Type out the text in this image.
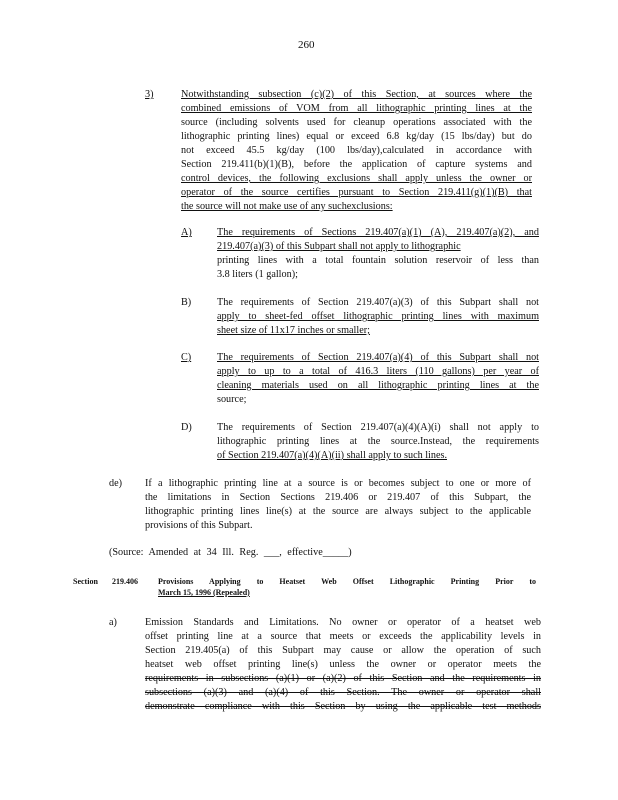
260
3)	Notwithstanding subsection (c)(2) of this Section, at sources where the
combined emissions of VOM from all lithographic printing lines at the
source (including solvents used for cleanup operations associated with the
lithographic printing lines) equal or exceed 6.8 kg/day (15 lbs/day) but do
not exceed 45.5 kg/day (100 lbs/day),calculated in accordance with
Section 219.411(b)(1)(B), before the application of capture systems and
control devices, the following exclusions shall apply unless the owner or
operator of the source certifies pursuant to Section 219.411(g)(1)(B) that
the source will not make use of any suchexclusions:
A) The requirements of Sections 219.407(a)(1) (A), 219.407(a)(2), and
219.407(a)(3) of this Subpart shall not apply to lithographic
printing lines with a total fountain solution reservoir of less than
3.8 liters (1 gallon);
B)	The requirements of Section 219.407(a)(3) of this Subpart shall not
apply to sheet-fed offset lithographic printing lines with maximum
sheet size of 11x17 inches or smaller;
C)	The requirements of Section 219.407(a)(4) of this Subpart shall not
apply to up to a total of 416.3 liters (110 gallons) per year of
cleaning materials used on all lithographic printing lines at the
source;
D) The requirements of Section 219.407(a)(4)(A)(i) shall not apply to
lithographic printing lines at the source.Instead, the requirements
of Section 219.407(a)(4)(A)(ii) shall apply to such lines.
de) If a lithographic printing line at a source is or becomes subject to one or more of
the limitations in Section Sections 219.406 or 219.407 of this Subpart, the
lithographic printing lines line(s) at the source are always subject to the applicable
provisions of this Subpart.
(Source: Amended at 34 Ill. Reg. ___, effective_____)
Section 219.406	Provisions Applying to Heatset Web Offset Lithographic Printing Prior to
March 15, 1996 (Repealed)
a)	Emission Standards and Limitations. No owner or operator of a heatset web
offset printing line at a source that meets or exceeds the applicability levels in
Section 219.405(a) of this Subpart may cause or allow the operation of such
heatset web offset printing line(s) unless the owner or operator meets the
requirements in subsections (a)(1) or (a)(2) of this Section and the requirements in
subsections (a)(3) and (a)(4) of this Section. The owner or operator shall
demonstrate compliance with this Section by using the applicable test methods
